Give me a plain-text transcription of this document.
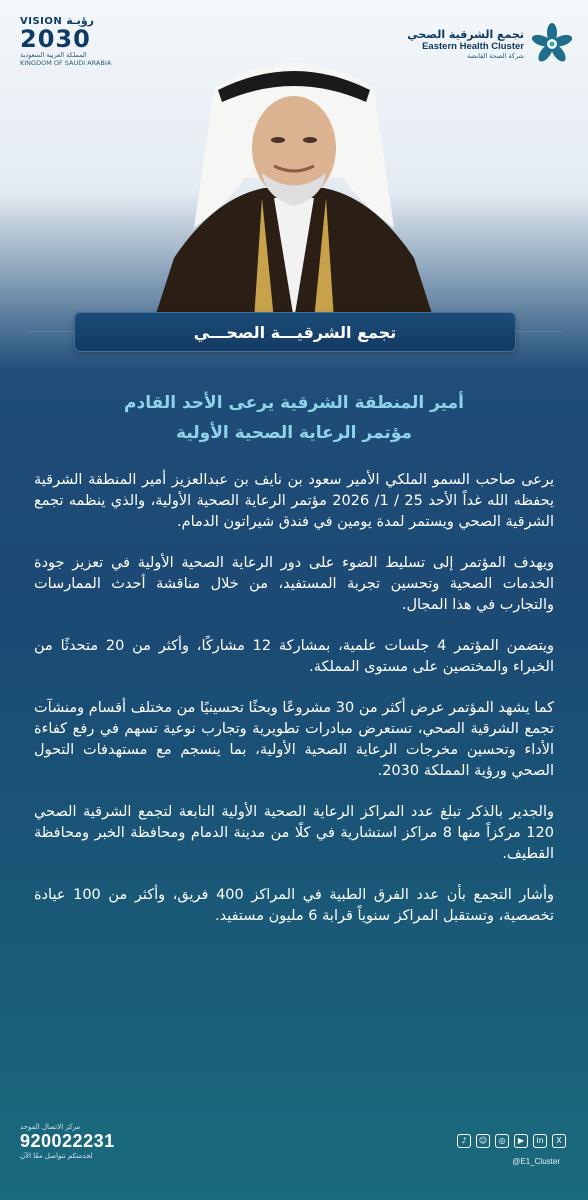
VISION رؤيـة
2030
المملكة العربية السعودية
KINGDOM OF SAUDI ARABIA
تجمع الشرقية الصحي
Eastern Health Cluster
شركة الصحة القابضة
تجمع الشرقيـــة الصحـــي
أمير المنطقة الشرقية يرعى الأحد القادم
مؤتمر الرعاية الصحية الأولية

يرعى صاحب السمو الملكي الأمير سعود بن نايف بن عبدالعزيز أمير المنطقة الشرقية يحفظه الله غداً الأحد 25 / 1/ 2026 مؤتمر الرعاية الصحية الأولية، والذي ينظمه تجمع الشرقية الصحي ويستمر لمدة يومين في فندق شيراتون الدمام.

ويهدف المؤتمر إلى تسليط الضوء على دور الرعاية الصحية الأولية في تعزيز جودة الخدمات الصحية وتحسين تجربة المستفيد، من خلال مناقشة أحدث الممارسات والتجارب في هذا المجال.

ويتضمن المؤتمر 4 جلسات علمية، بمشاركة 12 مشاركًا، وأكثر من 20 متحدثًا من الخبراء والمختصين على مستوى المملكة.

كما يشهد المؤتمر عرض أكثر من 30 مشروعًا وبحثًا تحسينيًا من مختلف أقسام ومنشآت تجمع الشرقية الصحي، تستعرض مبادرات تطويرية وتجارب نوعية تسهم في رفع كفاءة الأداء وتحسين مخرجات الرعاية الصحية الأولية، بما ينسجم مع مستهدفات التحول الصحي ورؤية المملكة 2030.

والجدير بالذكر تبلغ عدد المراكز الرعاية الصحية الأولية التابعة لتجمع الشرقية الصحي 120 مركزاً منها 8 مراكز استشارية في كلًا من مدينة الدمام ومحافظة الخبر ومحافظة القطيف.

وأشار التجمع بأن عدد الفرق الطبية في المراكز 400 فريق، وأكثر من 100 عيادة تخصصية، وتستقبل المراكز سنوياً قرابة 6 مليون مستفيد.

مركز الاتصال الموحد
920022231
لخدمتكم نتواصل معًا الآن
♪	☺	◎	▶	in	X
@E1_Cluster
